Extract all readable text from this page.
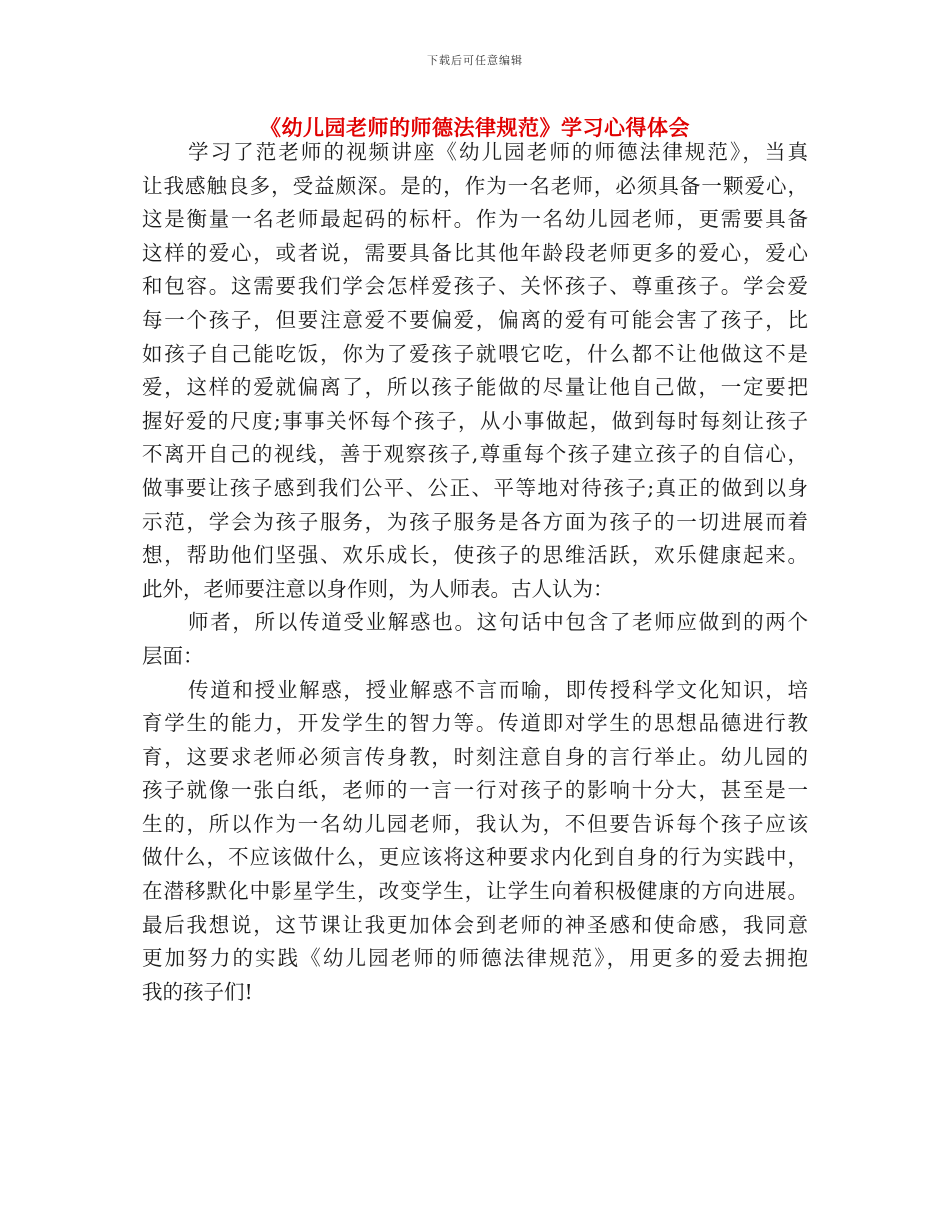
下载后可任意编辑
《幼儿园老师的师德法律规范》学习心得体会
学习了范老师的视频讲座《幼儿园老师的师德法律规范》，当真
让我感触良多，受益颇深。是的，作为一名老师，必须具备一颗爱心，
这是衡量一名老师最起码的标杆。作为一名幼儿园老师，更需要具备
这样的爱心，或者说，需要具备比其他年龄段老师更多的爱心，爱心
和包容。这需要我们学会怎样爱孩子、关怀孩子、尊重孩子。学会爱
每一个孩子，但要注意爱不要偏爱，偏离的爱有可能会害了孩子，比
如孩子自己能吃饭，你为了爱孩子就喂它吃，什么都不让他做这不是
爱，这样的爱就偏离了，所以孩子能做的尽量让他自己做，一定要把
握好爱的尺度;事事关怀每个孩子，从小事做起，做到每时每刻让孩子
不离开自己的视线，善于观察孩子,尊重每个孩子建立孩子的自信心，
做事要让孩子感到我们公平、公正、平等地对待孩子;真正的做到以身
示范，学会为孩子服务，为孩子服务是各方面为孩子的一切进展而着
想，帮助他们坚强、欢乐成长，使孩子的思维活跃，欢乐健康起来。
此外，老师要注意以身作则，为人师表。古人认为：
师者，所以传道受业解惑也。这句话中包含了老师应做到的两个
层面：
传道和授业解惑，授业解惑不言而喻，即传授科学文化知识，培
育学生的能力，开发学生的智力等。传道即对学生的思想品德进行教
育，这要求老师必须言传身教，时刻注意自身的言行举止。幼儿园的
孩子就像一张白纸，老师的一言一行对孩子的影响十分大，甚至是一
生的，所以作为一名幼儿园老师，我认为，不但要告诉每个孩子应该
做什么，不应该做什么，更应该将这种要求内化到自身的行为实践中，
在潜移默化中影星学生，改变学生，让学生向着积极健康的方向进展。
最后我想说，这节课让我更加体会到老师的神圣感和使命感，我同意
更加努力的实践《幼儿园老师的师德法律规范》，用更多的爱去拥抱
我的孩子们!
